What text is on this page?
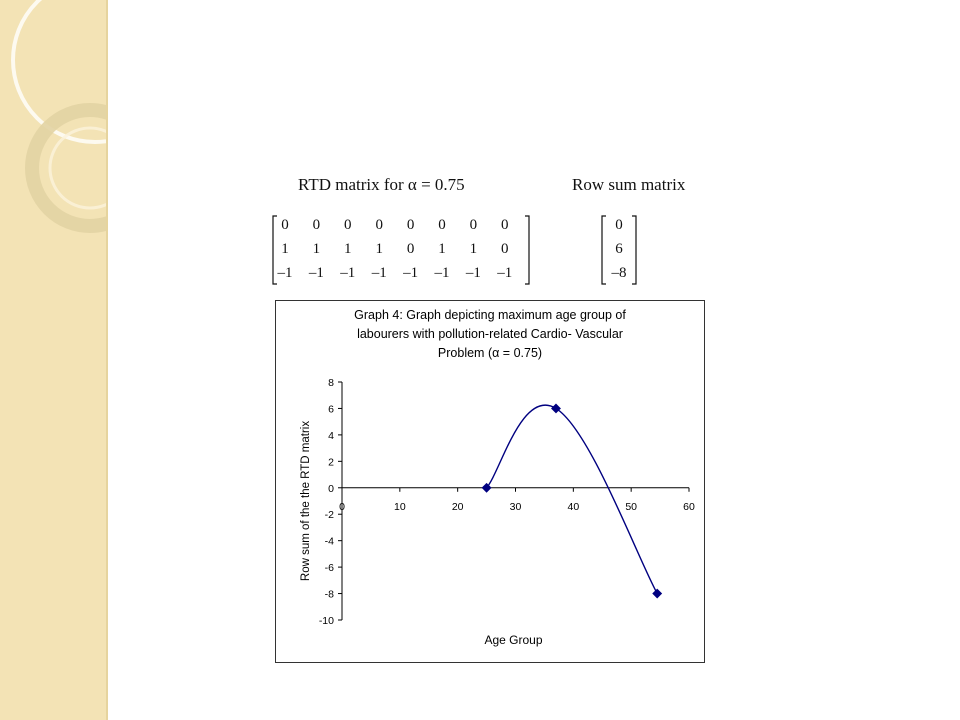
RTD matrix for α = 0.75	Row sum matrix
0	0	0	0	0	0	0	0
1	1	1	1	0	1	1	0
–1	–1	–1	–1	–1	–1	–1	–1
0
6
–8
Graph 4: Graph depicting maximum age group of
labourers with pollution-related Cardio- Vascular
Problem (α = 0.75)
8
6
4
2
0
-2
-4
-6
-8
-10
0	10	20	30	40	50	60
Age Group
Row sum of the the RTD matrix
